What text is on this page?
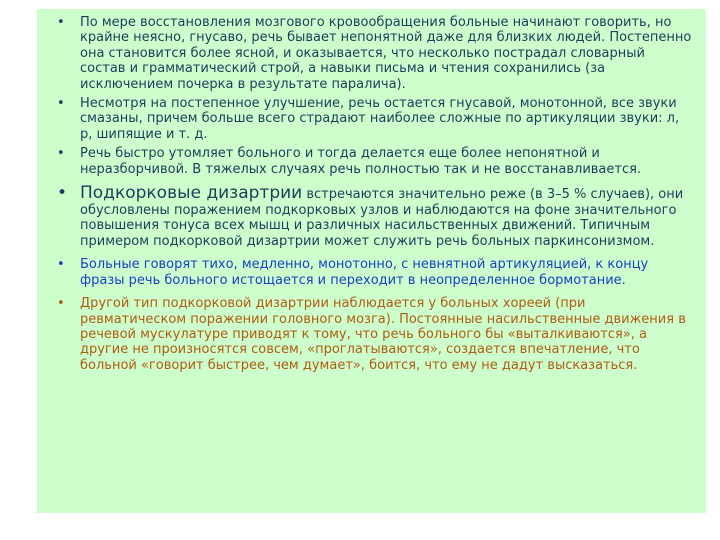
• По мере восстановления мозгового кровообращения больные начинают говорить, но крайне неясно, гнусаво, речь бывает непонятной даже для близких людей. Постепенно она становится более ясной, и оказывается, что несколько пострадал словарный состав и грамматический строй, а навыки письма и чтения сохранились (за исключением почерка в результате паралича).
• Несмотря на постепенное улучшение, речь остается гнусавой, монотонной, все звуки смазаны, причем больше всего страдают наиболее сложные по артикуляции звуки: л, р, шипящие и т. д.
• Речь быстро утомляет больного и тогда делается еще более непонятной и неразборчивой. В тяжелых случаях речь полностью так и не восстанавливается.
• Подкорковые дизартрии встречаются значительно реже (в 3–5 % случаев), они обусловлены поражением подкорковых узлов и наблюдаются на фоне значительного повышения тонуса всех мышц и различных насильственных движений. Типичным примером подкорковой дизартрии может служить речь больных паркинсонизмом.
• Больные говорят тихо, медленно, монотонно, с невнятной артикуляцией, к концу фразы речь больного истощается и переходит в неопределенное бормотание.
• Другой тип подкорковой дизартрии наблюдается у больных хореей (при ревматическом поражении головного мозга). Постоянные насильственные движения в речевой мускулатуре приводят к тому, что речь больного бы «выталкиваются», а другие не произносятся совсем, «проглатываются», создается впечатление, что больной «говорит быстрее, чем думает», боится, что ему не дадут высказаться.
